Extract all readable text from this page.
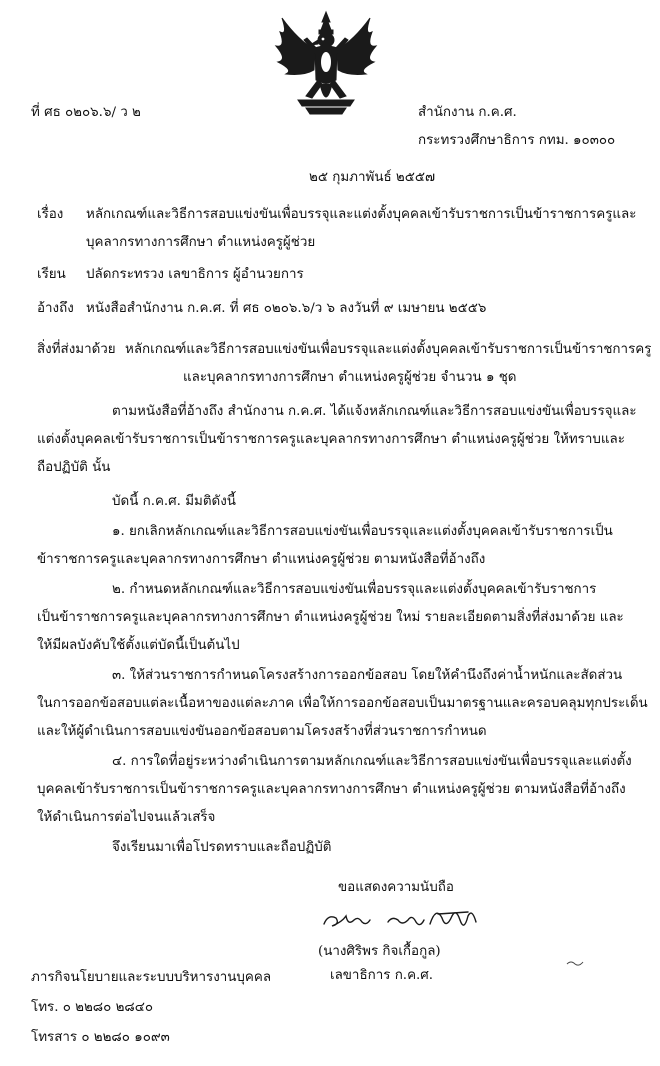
ที่ ศธ ๐๒๐๖.๖/ ว ๒	สำนักงาน ก.ค.ศ.
กระทรวงศึกษาธิการ กทม. ๑๐๓๐๐
๒๕ กุมภาพันธ์ ๒๕๕๗
เรื่อง หลักเกณฑ์และวิธีการสอบแข่งขันเพื่อบรรจุและแต่งตั้งบุคคลเข้ารับราชการเป็นข้าราชการครูและ
บุคลากรทางการศึกษา ตำแหน่งครูผู้ช่วย
เรียน ปลัดกระทรวง เลขาธิการ ผู้อำนวยการ
อ้างถึง หนังสือสำนักงาน ก.ค.ศ. ที่ ศธ ๐๒๐๖.๖/ว ๖ ลงวันที่ ๙ เมษายน ๒๕๕๖
สิ่งที่ส่งมาด้วย หลักเกณฑ์และวิธีการสอบแข่งขันเพื่อบรรจุและแต่งตั้งบุคคลเข้ารับราชการเป็นข้าราชการครู
และบุคลากรทางการศึกษา ตำแหน่งครูผู้ช่วย จำนวน ๑ ชุด
ตามหนังสือที่อ้างถึง สำนักงาน ก.ค.ศ. ได้แจ้งหลักเกณฑ์และวิธีการสอบแข่งขันเพื่อบรรจุและ
แต่งตั้งบุคคลเข้ารับราชการเป็นข้าราชการครูและบุคลากรทางการศึกษา ตำแหน่งครูผู้ช่วย ให้ทราบและ
ถือปฏิบัติ นั้น
บัดนี้ ก.ค.ศ. มีมติดังนี้
๑. ยกเลิกหลักเกณฑ์และวิธีการสอบแข่งขันเพื่อบรรจุและแต่งตั้งบุคคลเข้ารับราชการเป็น
ข้าราชการครูและบุคลากรทางการศึกษา ตำแหน่งครูผู้ช่วย ตามหนังสือที่อ้างถึง
๒. กำหนดหลักเกณฑ์และวิธีการสอบแข่งขันเพื่อบรรจุและแต่งตั้งบุคคลเข้ารับราชการ
เป็นข้าราชการครูและบุคลากรทางการศึกษา ตำแหน่งครูผู้ช่วย ใหม่ รายละเอียดตามสิ่งที่ส่งมาด้วย และ
ให้มีผลบังคับใช้ตั้งแต่บัดนี้เป็นต้นไป
๓. ให้ส่วนราชการกำหนดโครงสร้างการออกข้อสอบ โดยให้คำนึงถึงค่าน้ำหนักและสัดส่วน
ในการออกข้อสอบแต่ละเนื้อหาของแต่ละภาค เพื่อให้การออกข้อสอบเป็นมาตรฐานและครอบคลุมทุกประเด็น
และให้ผู้ดำเนินการสอบแข่งขันออกข้อสอบตามโครงสร้างที่ส่วนราชการกำหนด
๔. การใดที่อยู่ระหว่างดำเนินการตามหลักเกณฑ์และวิธีการสอบแข่งขันเพื่อบรรจุและแต่งตั้ง
บุคคลเข้ารับราชการเป็นข้าราชการครูและบุคลากรทางการศึกษา ตำแหน่งครูผู้ช่วย ตามหนังสือที่อ้างถึง
ให้ดำเนินการต่อไปจนแล้วเสร็จ
จึงเรียนมาเพื่อโปรดทราบและถือปฏิบัติ
ขอแสดงความนับถือ
(นางศิริพร กิจเกื้อกูล)
เลขาธิการ ก.ค.ศ.
ภารกิจนโยบายและระบบบริหารงานบุคคล
โทร. ๐ ๒๒๘๐ ๒๘๔๐
โทรสาร ๐ ๒๒๘๐ ๑๐๙๓
